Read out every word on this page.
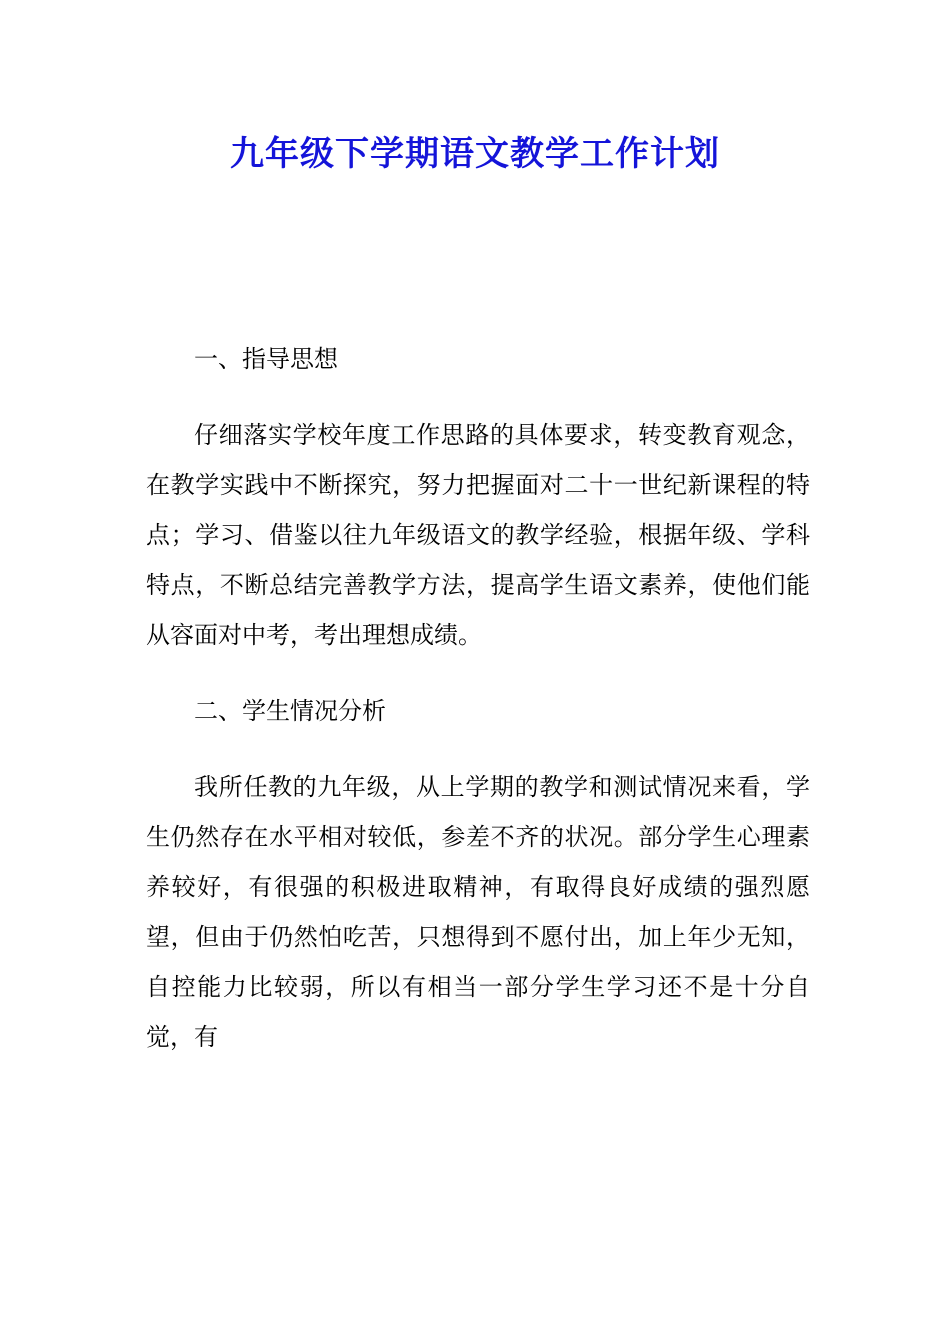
九年级下学期语文教学工作计划

一、指导思想

仔细落实学校年度工作思路的具体要求，转变教育观念，在教学实践中不断探究，努力把握面对二十一世纪新课程的特点；学习、借鉴以往九年级语文的教学经验，根据年级、学科特点，不断总结完善教学方法，提高学生语文素养，使他们能从容面对中考，考出理想成绩。

二、学生情况分析

我所任教的九年级，从上学期的教学和测试情况来看，学生仍然存在水平相对较低，参差不齐的状况。部分学生心理素养较好，有很强的积极进取精神，有取得良好成绩的强烈愿望，但由于仍然怕吃苦，只想得到不愿付出，加上年少无知，自控能力比较弱，所以有相当一部分学生学习还不是十分自觉，有
